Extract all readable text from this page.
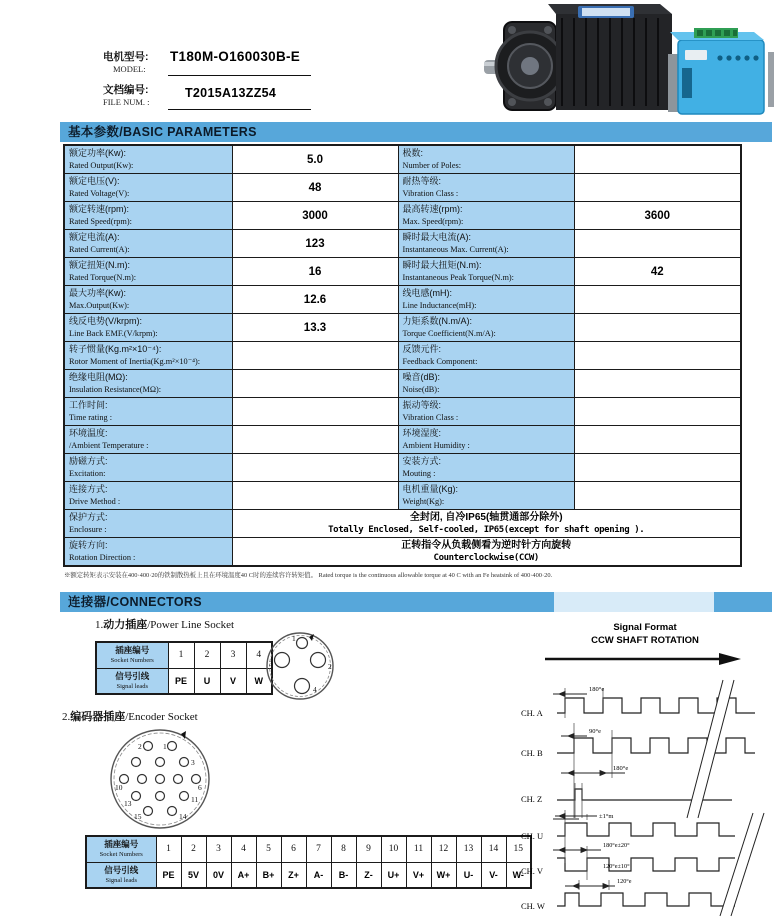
电机型号:
MODEL:
T180M-O160030B-E
文档编号:
FILE NUM. :
T2015A13ZZ54
基本参数/BASIC PARAMETERS
额定功率(Kw):
Rated Output(Kw):	5.0	极数:
Number of Poles:	

额定电压(V):
Rated Voltage(V):	48	耐热等级:
Vibration Class :	

额定转速(rpm):
Rated Speed(rpm):	3000	最高转速(rpm):
Max. Speed(rpm):	3600

额定电流(A):
Rated Current(A):	123	瞬时最大电流(A):
Instantaneous Max. Current(A):	

额定扭矩(N.m):
Rated Torque(N.m):	16	瞬时最大扭矩(N.m):
Instantaneous Peak Torque(N.m):	42

最大功率(Kw):
Max.Output(Kw):	12.6	线电感(mH):
Line Inductance(mH):	

线反电势(V/krpm):
Line Back EMF.(V/krpm):	13.3	力矩系数(N.m/A):
Torque Coefficient(N.m/A):	

转子惯量(Kg.m²×10⁻⁴):
Rotor Moment of Inertia(Kg.m²×10⁻⁴):		反馈元件:
Feedback Component:	

绝缘电阻(MΩ):
Insulation Resistance(MΩ):		噪音(dB):
Noise(dB):	

工作时间:
Time rating :		振动等级:
Vibration Class :	

环境温度:
/Ambient Temperature :		环境湿度:
Ambient Humidity :	

励磁方式:
Excitation:		安装方式:
Mouting :	

连接方式:
Drive Method :		电机重量(Kg):
Weight(Kg):	

保护方式:
Enclosure :	全封闭, 自冷IP65(轴贯通部分除外)
Totally Enclosed, Self-cooled, IP65(except for shaft opening ).		

旋转方向:
Rotation Direction :	正转指令从负载侧看为逆时针方向旋转
Counterclockwise(CCW)		
※额定转矩表示安装在400·400·20的铁制散热板上且在环境温度40 C时的连续容许转矩值。 Rated torque is the continuous allowable torque at 40 C with an Fe heatsink of 400·400·20.
连接器/CONNECTORS
1.动力插座/Power Line Socket
插座编号
Socket Numbers	1	2	3	4

信号引线
Signal leads	PE	U	V	W
1
2
3
4
2.编码器插座/Encoder Socket
2	1
3
10	6
13	11
15	14
插座编号
Socket Numbers	1	2	3	4	5	6	7	8	9	10	11	12	13	14	15

信号引线
Signal leads	PE	5V	0V	A+	B+	Z+	A-	B-	Z-	U+	V+	W+	U-	V-	W-
Signal Format
CCW SHAFT ROTATION
CH. A
CH. B
CH. Z
CH. U
CH. V
CH. W
180°e
90°e
180°e
±1°m
180°e±20°
120°e±10°
120°e
